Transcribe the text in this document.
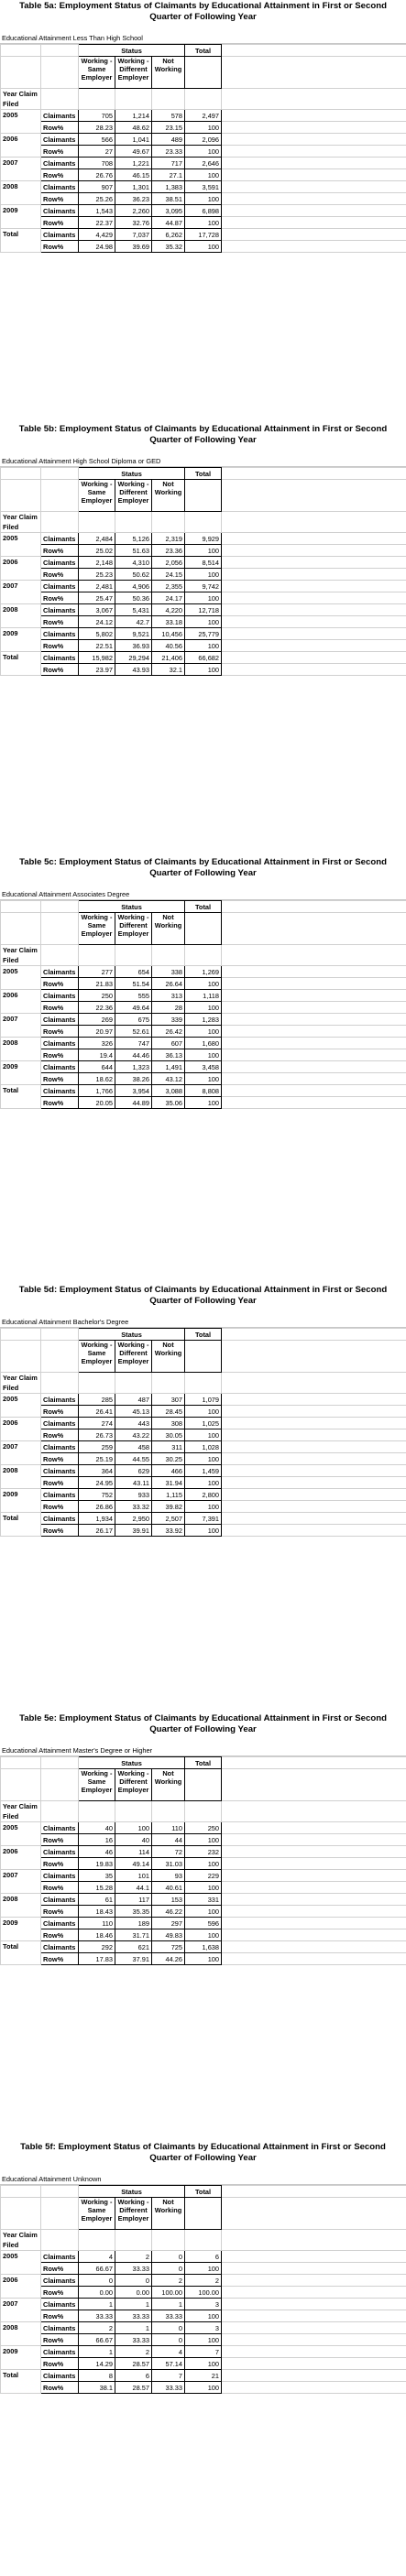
Table 5a: Employment Status of Claimants by Educational Attainment in First or Second Quarter of Following Year
Educational Attainment Less Than High School
		Status			Total	
		Working - Same Employer	Working - Different Employer	Not Working		
Year Claim Filed						
2005	Claimants	705	1,214	578	2,497	
	Row%	28.23	48.62	23.15	100	
2006	Claimants	566	1,041	489	2,096	
	Row%	27	49.67	23.33	100	
2007	Claimants	708	1,221	717	2,646	
	Row%	26.76	46.15	27.1	100	
2008	Claimants	907	1,301	1,383	3,591	
	Row%	25.26	36.23	38.51	100	
2009	Claimants	1,543	2,260	3,095	6,898	
	Row%	22.37	32.76	44.87	100	
Total	Claimants	4,429	7,037	6,262	17,728	
	Row%	24.98	39.69	35.32	100	
Table 5b: Employment Status of Claimants by Educational Attainment in First or Second Quarter of Following Year
Educational Attainment High School Diploma or GED
		Status			Total	
		Working - Same Employer	Working - Different Employer	Not Working		
Year Claim Filed						
2005	Claimants	2,484	5,126	2,319	9,929	
	Row%	25.02	51.63	23.36	100	
2006	Claimants	2,148	4,310	2,056	8,514	
	Row%	25.23	50.62	24.15	100	
2007	Claimants	2,481	4,906	2,355	9,742	
	Row%	25.47	50.36	24.17	100	
2008	Claimants	3,067	5,431	4,220	12,718	
	Row%	24.12	42.7	33.18	100	
2009	Claimants	5,802	9,521	10,456	25,779	
	Row%	22.51	36.93	40.56	100	
Total	Claimants	15,982	29,294	21,406	66,682	
	Row%	23.97	43.93	32.1	100	
Table 5c: Employment Status of Claimants by Educational Attainment in First or Second Quarter of Following Year
Educational Attainment Associates Degree
		Status			Total	
		Working - Same Employer	Working - Different Employer	Not Working		
Year Claim Filed						
2005	Claimants	277	654	338	1,269	
	Row%	21.83	51.54	26.64	100	
2006	Claimants	250	555	313	1,118	
	Row%	22.36	49.64	28	100	
2007	Claimants	269	675	339	1,283	
	Row%	20.97	52.61	26.42	100	
2008	Claimants	326	747	607	1,680	
	Row%	19.4	44.46	36.13	100	
2009	Claimants	644	1,323	1,491	3,458	
	Row%	18.62	38.26	43.12	100	
Total	Claimants	1,766	3,954	3,088	8,808	
	Row%	20.05	44.89	35.06	100	
Table 5d: Employment Status of Claimants by Educational Attainment in First or Second Quarter of Following Year
Educational Attainment Bachelor's Degree
		Status			Total	
		Working - Same Employer	Working - Different Employer	Not Working		
Year Claim Filed						
2005	Claimants	285	487	307	1,079	
	Row%	26.41	45.13	28.45	100	
2006	Claimants	274	443	308	1,025	
	Row%	26.73	43.22	30.05	100	
2007	Claimants	259	458	311	1,028	
	Row%	25.19	44.55	30.25	100	
2008	Claimants	364	629	466	1,459	
	Row%	24.95	43.11	31.94	100	
2009	Claimants	752	933	1,115	2,800	
	Row%	26.86	33.32	39.82	100	
Total	Claimants	1,934	2,950	2,507	7,391	
	Row%	26.17	39.91	33.92	100	
Table 5e: Employment Status of Claimants by Educational Attainment in First or Second Quarter of Following Year
Educational Attainment Master's Degree or Higher
		Status			Total	
		Working - Same Employer	Working - Different Employer	Not Working		
Year Claim Filed						
2005	Claimants	40	100	110	250	
	Row%	16	40	44	100	
2006	Claimants	46	114	72	232	
	Row%	19.83	49.14	31.03	100	
2007	Claimants	35	101	93	229	
	Row%	15.28	44.1	40.61	100	
2008	Claimants	61	117	153	331	
	Row%	18.43	35.35	46.22	100	
2009	Claimants	110	189	297	596	
	Row%	18.46	31.71	49.83	100	
Total	Claimants	292	621	725	1,638	
	Row%	17.83	37.91	44.26	100	
Table 5f: Employment Status of Claimants by Educational Attainment in First or Second Quarter of Following Year
Educational Attainment Unknown
		Status			Total	
		Working - Same Employer	Working - Different Employer	Not Working		
Year Claim Filed						
2005	Claimants	4	2	0	6	
	Row%	66.67	33.33	0	100	
2006	Claimants	0	0	2	2	
	Row%	0.00	0.00	100.00	100.00	
2007	Claimants	1	1	1	3	
	Row%	33.33	33.33	33.33	100	
2008	Claimants	2	1	0	3	
	Row%	66.67	33.33	0	100	
2009	Claimants	1	2	4	7	
	Row%	14.29	28.57	57.14	100	
Total	Claimants	8	6	7	21	
	Row%	38.1	28.57	33.33	100	
